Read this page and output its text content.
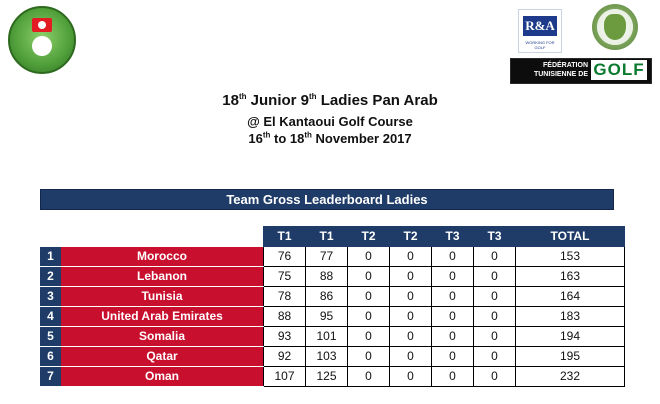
R&A
WORKING FOR GOLF
FÉDÉRATION
TUNISIENNE DE GOLF
18th Junior 9th Ladies Pan Arab
@ El Kantaoui Golf Course
16th to 18th November 2017
Team Gross Leaderboard Ladies
		T1	T1	T2	T2	T3	T3	TOTAL
1	Morocco	76	77	0	0	0	0	153
2	Lebanon	75	88	0	0	0	0	163
3	Tunisia	78	86	0	0	0	0	164
4	United Arab Emirates	88	95	0	0	0	0	183
5	Somalia	93	101	0	0	0	0	194
6	Qatar	92	103	0	0	0	0	195
7	Oman	107	125	0	0	0	0	232
